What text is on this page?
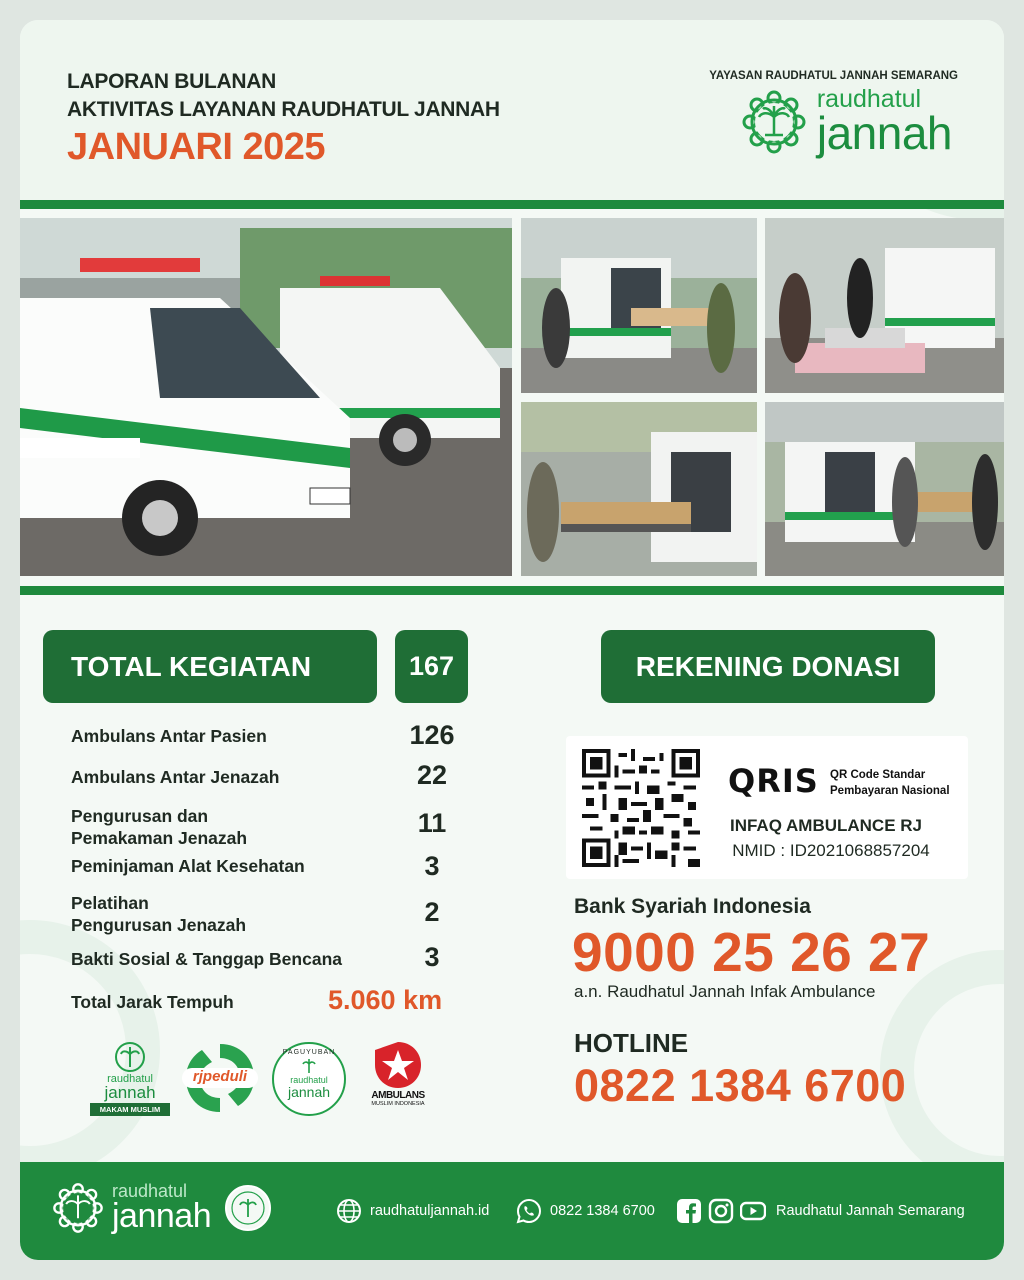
LAPORAN BULANAN
AKTIVITAS LAYANAN RAUDHATUL JANNAH
JANUARI 2025
YAYASAN RAUDHATUL JANNAH SEMARANG
raudhatul
jannah
TOTAL KEGIATAN	167
Ambulans Antar Pasien	126
Ambulans Antar Jenazah	22
Pengurusan dan
Pemakaman Jenazah	11
Peminjaman Alat Kesehatan	3
Pelatihan
Pengurusan Jenazah	2
Bakti Sosial & Tanggap Bencana	3
Total Jarak Tempuh	5.060 km
raudhatul
jannah
MAKAM MUSLIM
rjpeduli
PAGUYUBAN
raudhatul
jannah	AMBULANS
MUSLIM INDONESIA
REKENING DONASI
QRIS QR Code Standar
Pembayaran Nasional
INFAQ AMBULANCE RJ
NMID : ID2021068857204
Bank Syariah Indonesia
9000 25 26 27
a.n. Raudhatul Jannah Infak Ambulance
HOTLINE
0822 1384 6700
raudhatul
jannah	raudhatuljannah.id	0822 1384 6700	Raudhatul Jannah Semarang
